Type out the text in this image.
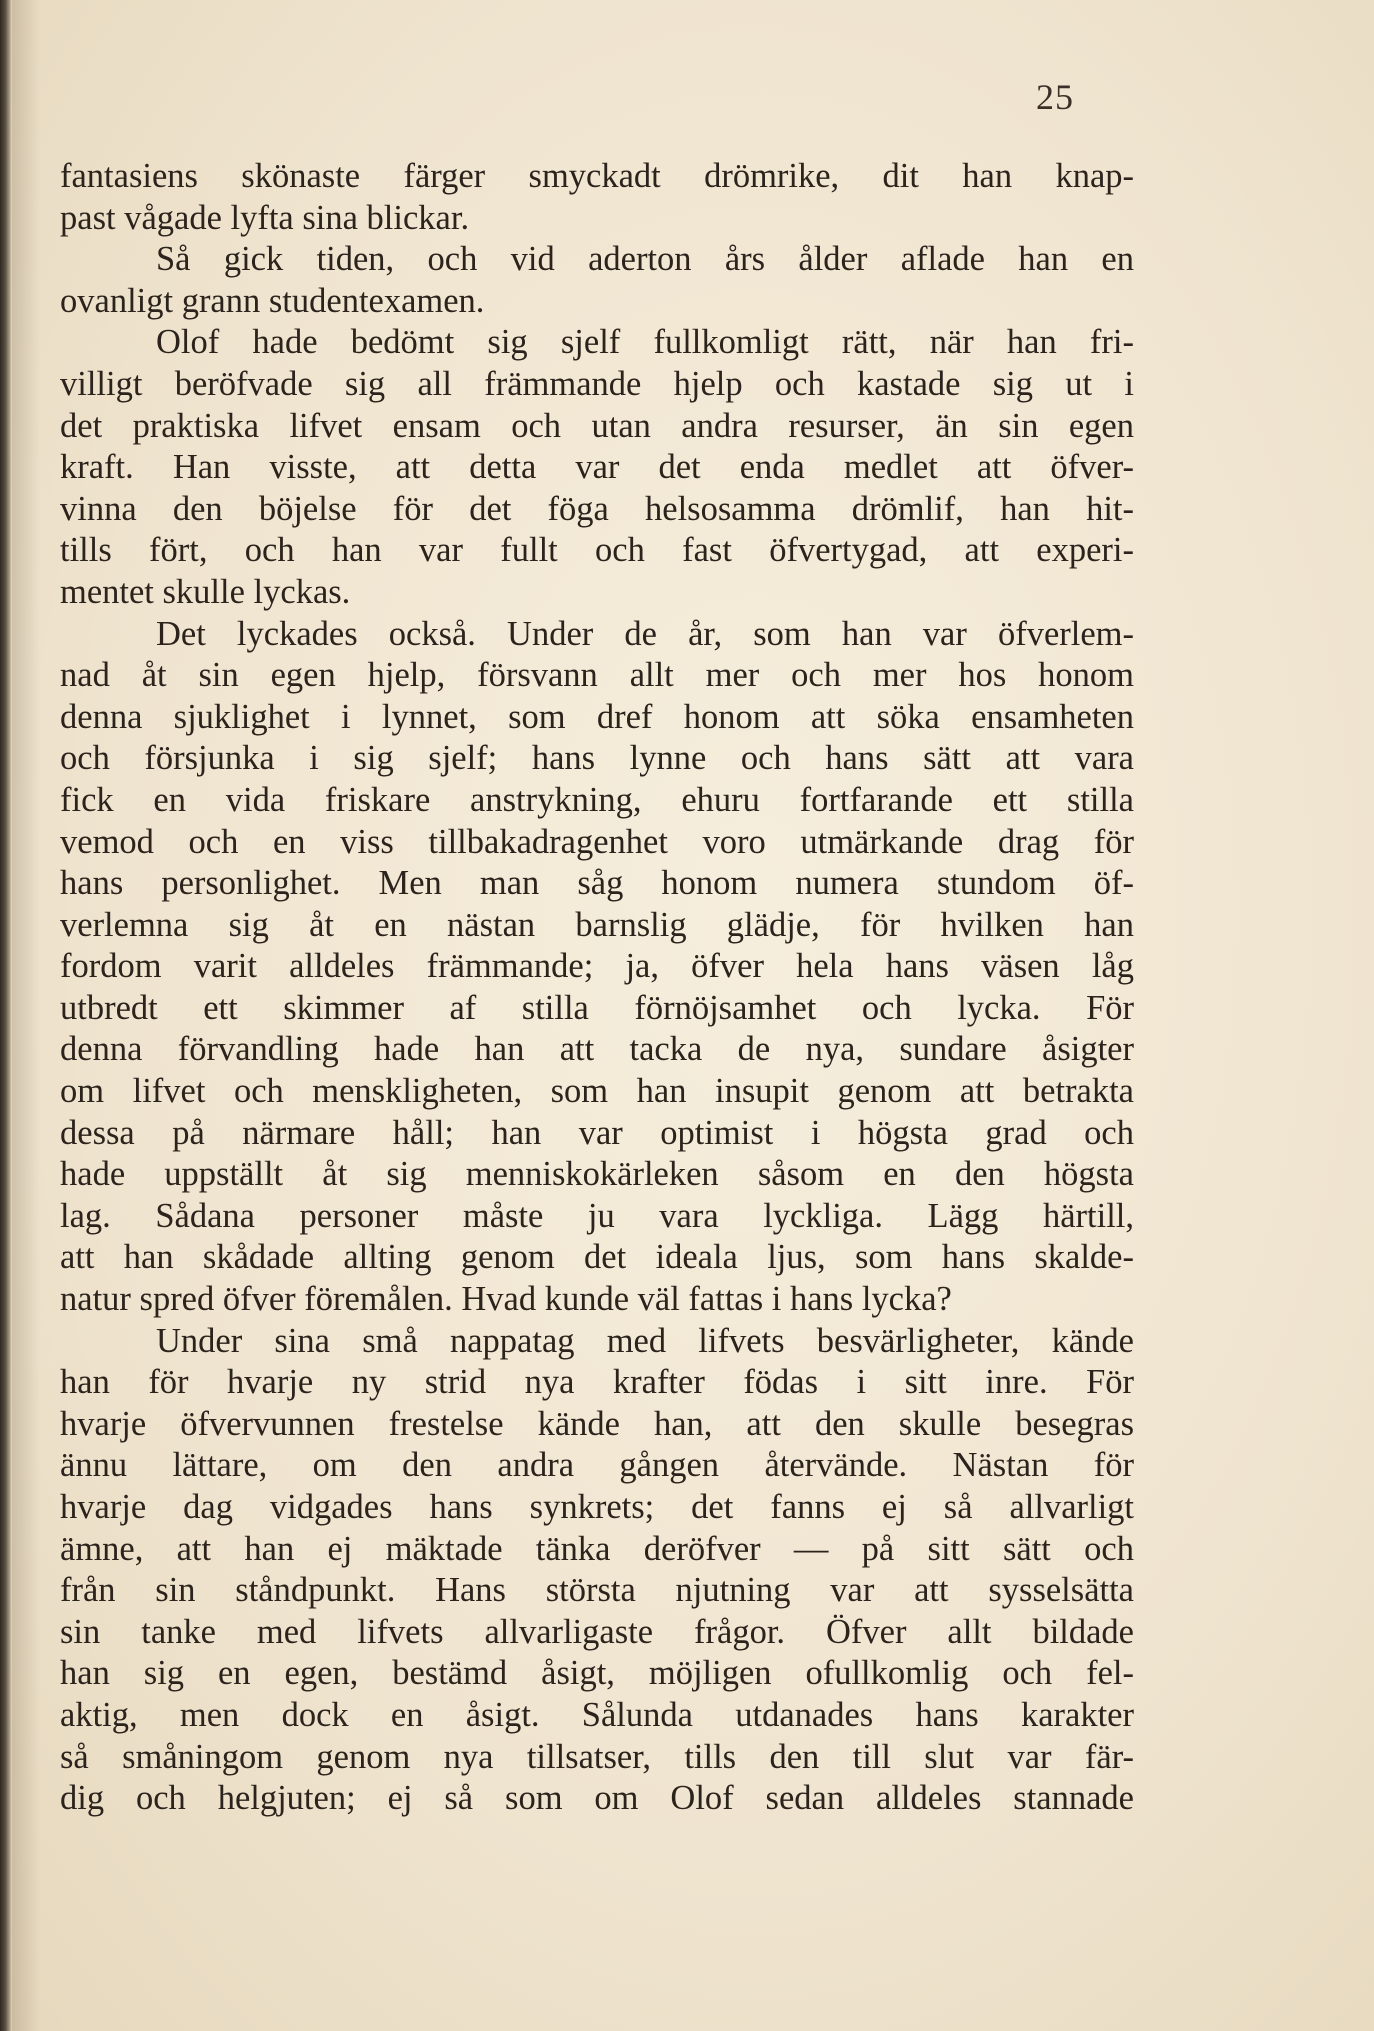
25
fantasiens skönaste färger smyckadt drömrike, dit han knap-
past vågade lyfta sina blickar.
Så gick tiden, och vid aderton års ålder aflade han en
ovanligt grann studentexamen.
Olof hade bedömt sig sjelf fullkomligt rätt, när han fri-
villigt beröfvade sig all främmande hjelp och kastade sig ut i
det praktiska lifvet ensam och utan andra resurser, än sin egen
kraft. Han visste, att detta var det enda medlet att öfver-
vinna den böjelse för det föga helsosamma drömlif, han hit-
tills fört, och han var fullt och fast öfvertygad, att experi-
mentet skulle lyckas.
Det lyckades också. Under de år, som han var öfverlem-
nad åt sin egen hjelp, försvann allt mer och mer hos honom
denna sjuklighet i lynnet, som dref honom att söka ensamheten
och försjunka i sig sjelf; hans lynne och hans sätt att vara
fick en vida friskare anstrykning, ehuru fortfarande ett stilla
vemod och en viss tillbakadragenhet voro utmärkande drag för
hans personlighet. Men man såg honom numera stundom öf-
verlemna sig åt en nästan barnslig glädje, för hvilken han
fordom varit alldeles främmande; ja, öfver hela hans väsen låg
utbredt ett skimmer af stilla förnöjsamhet och lycka. För
denna förvandling hade han att tacka de nya, sundare åsigter
om lifvet och menskligheten, som han insupit genom att betrakta
dessa på närmare håll; han var optimist i högsta grad och
hade uppställt åt sig menniskokärleken såsom en den högsta
lag. Sådana personer måste ju vara lyckliga. Lägg härtill,
att han skådade allting genom det ideala ljus, som hans skalde-
natur spred öfver föremålen. Hvad kunde väl fattas i hans lycka?
Under sina små nappatag med lifvets besvärligheter, kände
han för hvarje ny strid nya krafter födas i sitt inre. För
hvarje öfvervunnen frestelse kände han, att den skulle besegras
ännu lättare, om den andra gången återvände. Nästan för
hvarje dag vidgades hans synkrets; det fanns ej så allvarligt
ämne, att han ej mäktade tänka deröfver — på sitt sätt och
från sin ståndpunkt. Hans största njutning var att sysselsätta
sin tanke med lifvets allvarligaste frågor. Öfver allt bildade
han sig en egen, bestämd åsigt, möjligen ofullkomlig och fel-
aktig, men dock en åsigt. Sålunda utdanades hans karakter
så småningom genom nya tillsatser, tills den till slut var fär-
dig och helgjuten; ej så som om Olof sedan alldeles stannade
